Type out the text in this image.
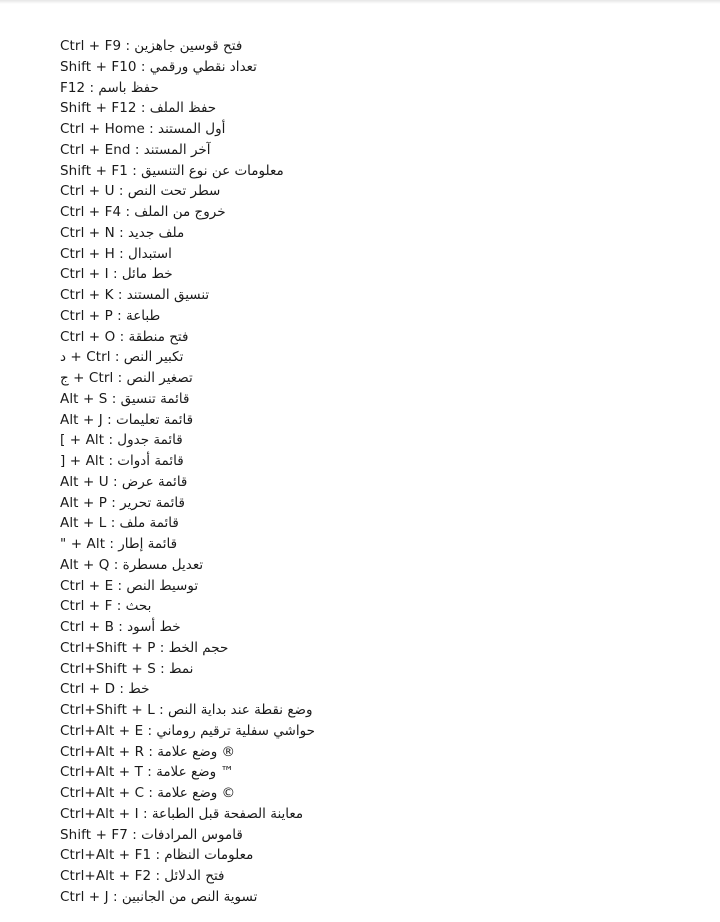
فتح قوسين جاهزين : Ctrl + F9
تعداد نقطي ورقمي : Shift + F10
حفظ باسم : F12
حفظ الملف : Shift + F12
أول المستند : Ctrl + Home
آخر المستند : Ctrl + End
معلومات عن نوع التنسيق : Shift + F1
سطر تحت النص : Ctrl + U
خروج من الملف : Ctrl + F4
ملف جديد : Ctrl + N
استبدال : Ctrl + H
خط مائل : Ctrl + I
تنسيق المستند : Ctrl + K
طباعة : Ctrl + P
فتح منطقة : Ctrl + O
تكبير النص : Ctrl + د
تصغير النص : Ctrl + ج
قائمة تنسيق : Alt + S
قائمة تعليمات : Alt + J
قائمة جدول : Alt + ]
قائمة أدوات : Alt + [
قائمة عرض : Alt + U
قائمة تحرير : Alt + P
قائمة ملف : Alt + L
قائمة إطار : Alt + "
تعديل مسطرة : Alt + Q
توسيط النص : Ctrl + E
بحث : Ctrl + F
خط أسود : Ctrl + B
حجم الخط : Ctrl+Shift + P
نمط : Ctrl+Shift + S
خط : Ctrl + D
وضع نقطة عند بداية النص : Ctrl+Shift + L
حواشي سفلية ترقيم روماني : Ctrl+Alt + E
® وضع علامة : Ctrl+Alt + R
™ وضع علامة : Ctrl+Alt + T
© وضع علامة : Ctrl+Alt + C
معاينة الصفحة قبل الطباعة : Ctrl+Alt + I
قاموس المرادفات : Shift + F7
معلومات النظام : Ctrl+Alt + F1
فتح الدلائل : Ctrl+Alt + F2
تسوية النص من الجانبين : Ctrl + J
